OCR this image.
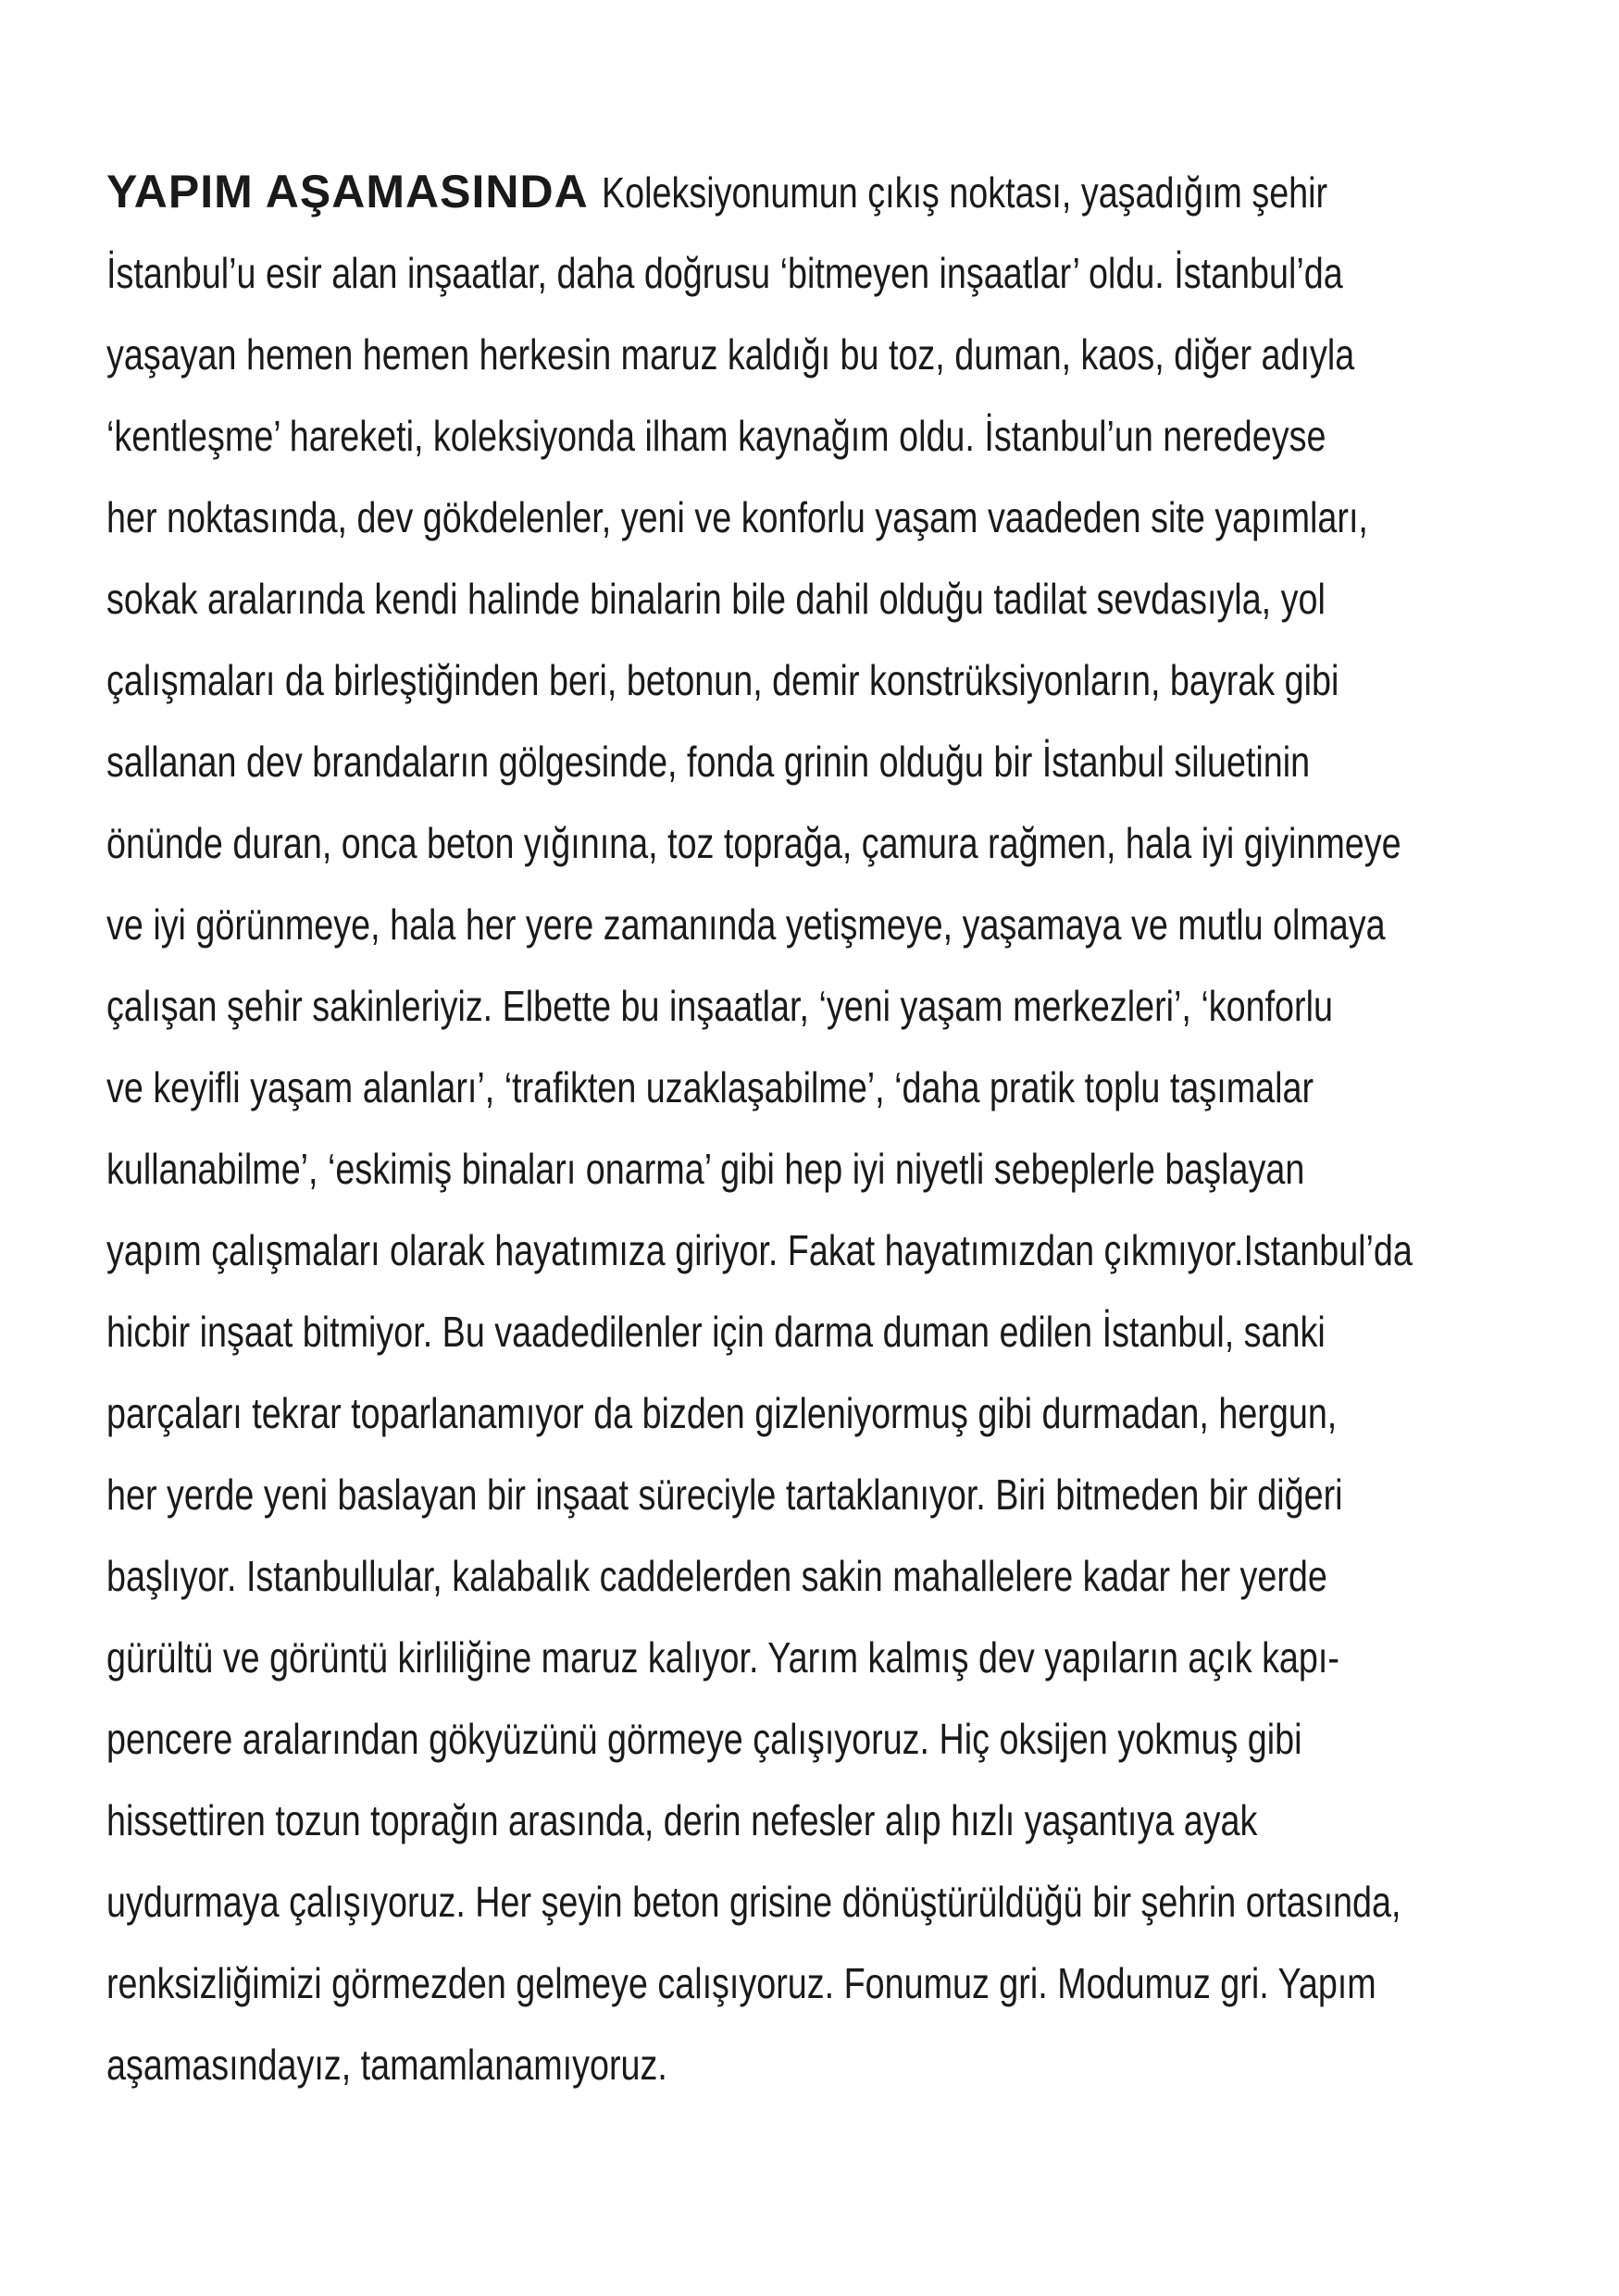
YAPIM AŞAMASINDA Koleksiyonumun çıkış noktası, yaşadığım şehir
İstanbul’u esir alan inşaatlar, daha doğrusu ‘bitmeyen inşaatlar’ oldu. İstanbul’da
yaşayan hemen hemen herkesin maruz kaldığı bu toz, duman, kaos, diğer adıyla
‘kentleşme’ hareketi, koleksiyonda ilham kaynağım oldu. İstanbul’un neredeyse
her noktasında, dev gökdelenler, yeni ve konforlu yaşam vaadeden site yapımları,
sokak aralarında kendi halinde binalarin bile dahil olduğu tadilat sevdasıyla, yol
çalışmaları da birleştiğinden beri, betonun, demir konstrüksiyonların, bayrak gibi
sallanan dev brandaların gölgesinde, fonda grinin olduğu bir İstanbul siluetinin
önünde duran, onca beton yığınına, toz toprağa, çamura rağmen, hala iyi giyinmeye
ve iyi görünmeye, hala her yere zamanında yetişmeye, yaşamaya ve mutlu olmaya
çalışan şehir sakinleriyiz. Elbette bu inşaatlar, ‘yeni yaşam merkezleri’, ‘konforlu
ve keyifli yaşam alanları’, ‘trafikten uzaklaşabilme’, ‘daha pratik toplu taşımalar
kullanabilme’, ‘eskimiş binaları onarma’ gibi hep iyi niyetli sebeplerle başlayan
yapım çalışmaları olarak hayatımıza giriyor. Fakat hayatımızdan çıkmıyor.Istanbul’da
hicbir inşaat bitmiyor. Bu vaadedilenler için darma duman edilen İstanbul, sanki
parçaları tekrar toparlanamıyor da bizden gizleniyormuş gibi durmadan, hergun,
her yerde yeni baslayan bir inşaat süreciyle tartaklanıyor. Biri bitmeden bir diğeri
başlıyor. Istanbullular, kalabalık caddelerden sakin mahallelere kadar her yerde
gürültü ve görüntü kirliliğine maruz kalıyor. Yarım kalmış dev yapıların açık kapı-
pencere aralarından gökyüzünü görmeye çalışıyoruz. Hiç oksijen yokmuş gibi
hissettiren tozun toprağın arasında, derin nefesler alıp hızlı yaşantıya ayak
uydurmaya çalışıyoruz. Her şeyin beton grisine dönüştürüldüğü bir şehrin ortasında,
renksizliğimizi görmezden gelmeye calışıyoruz. Fonumuz gri. Modumuz gri. Yapım
aşamasındayız, tamamlanamıyoruz.
